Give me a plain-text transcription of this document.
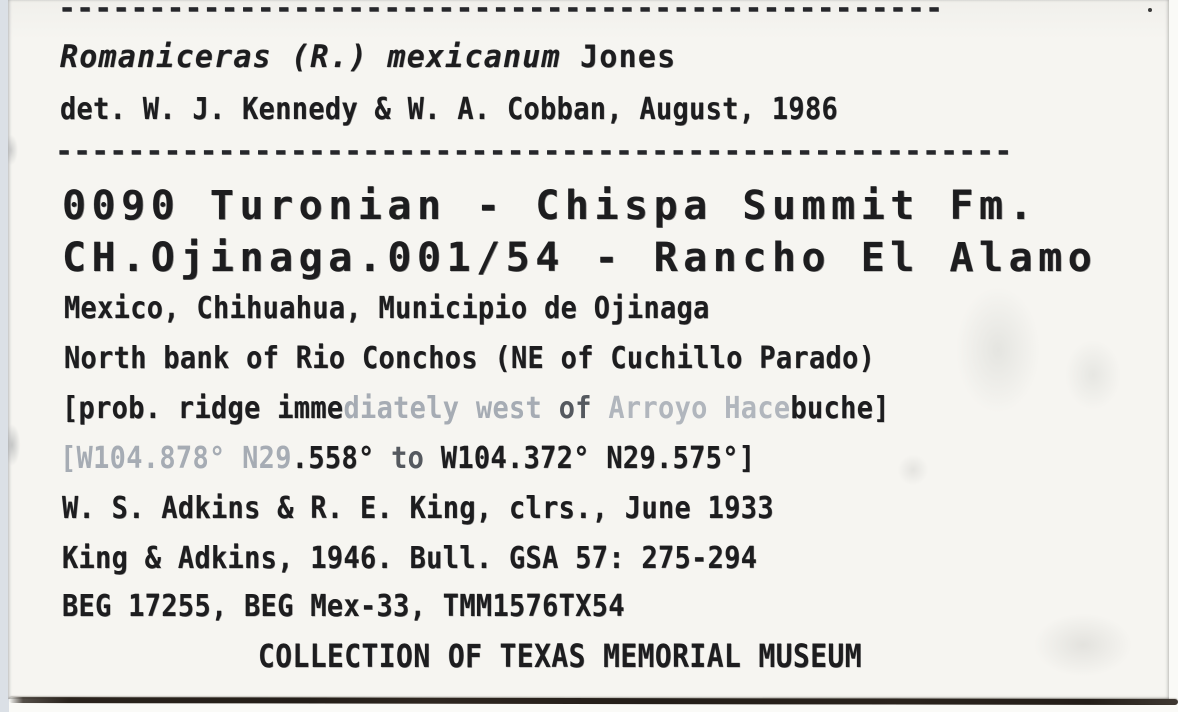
-------------------------------------------------
Romaniceras (R.) mexicanum Jones
det. W. J. Kennedy & W. A. Cobban, August, 1986
-----------------------------------------------------
0090 Turonian - Chispa Summit Fm.
CH.Ojinaga.001/54 - Rancho El Alamo
Mexico, Chihuahua, Municipio de Ojinaga
North bank of Rio Conchos (NE of Cuchillo Parado)
[prob. ridge immediately west of Arroyo Hacebuche]
[W104.878° N29.558° to W104.372° N29.575°]
W. S. Adkins & R. E. King, clrs., June 1933
King & Adkins, 1946. Bull. GSA 57: 275-294
BEG 17255, BEG Mex-33, TMM1576TX54
COLLECTION OF TEXAS MEMORIAL MUSEUM
